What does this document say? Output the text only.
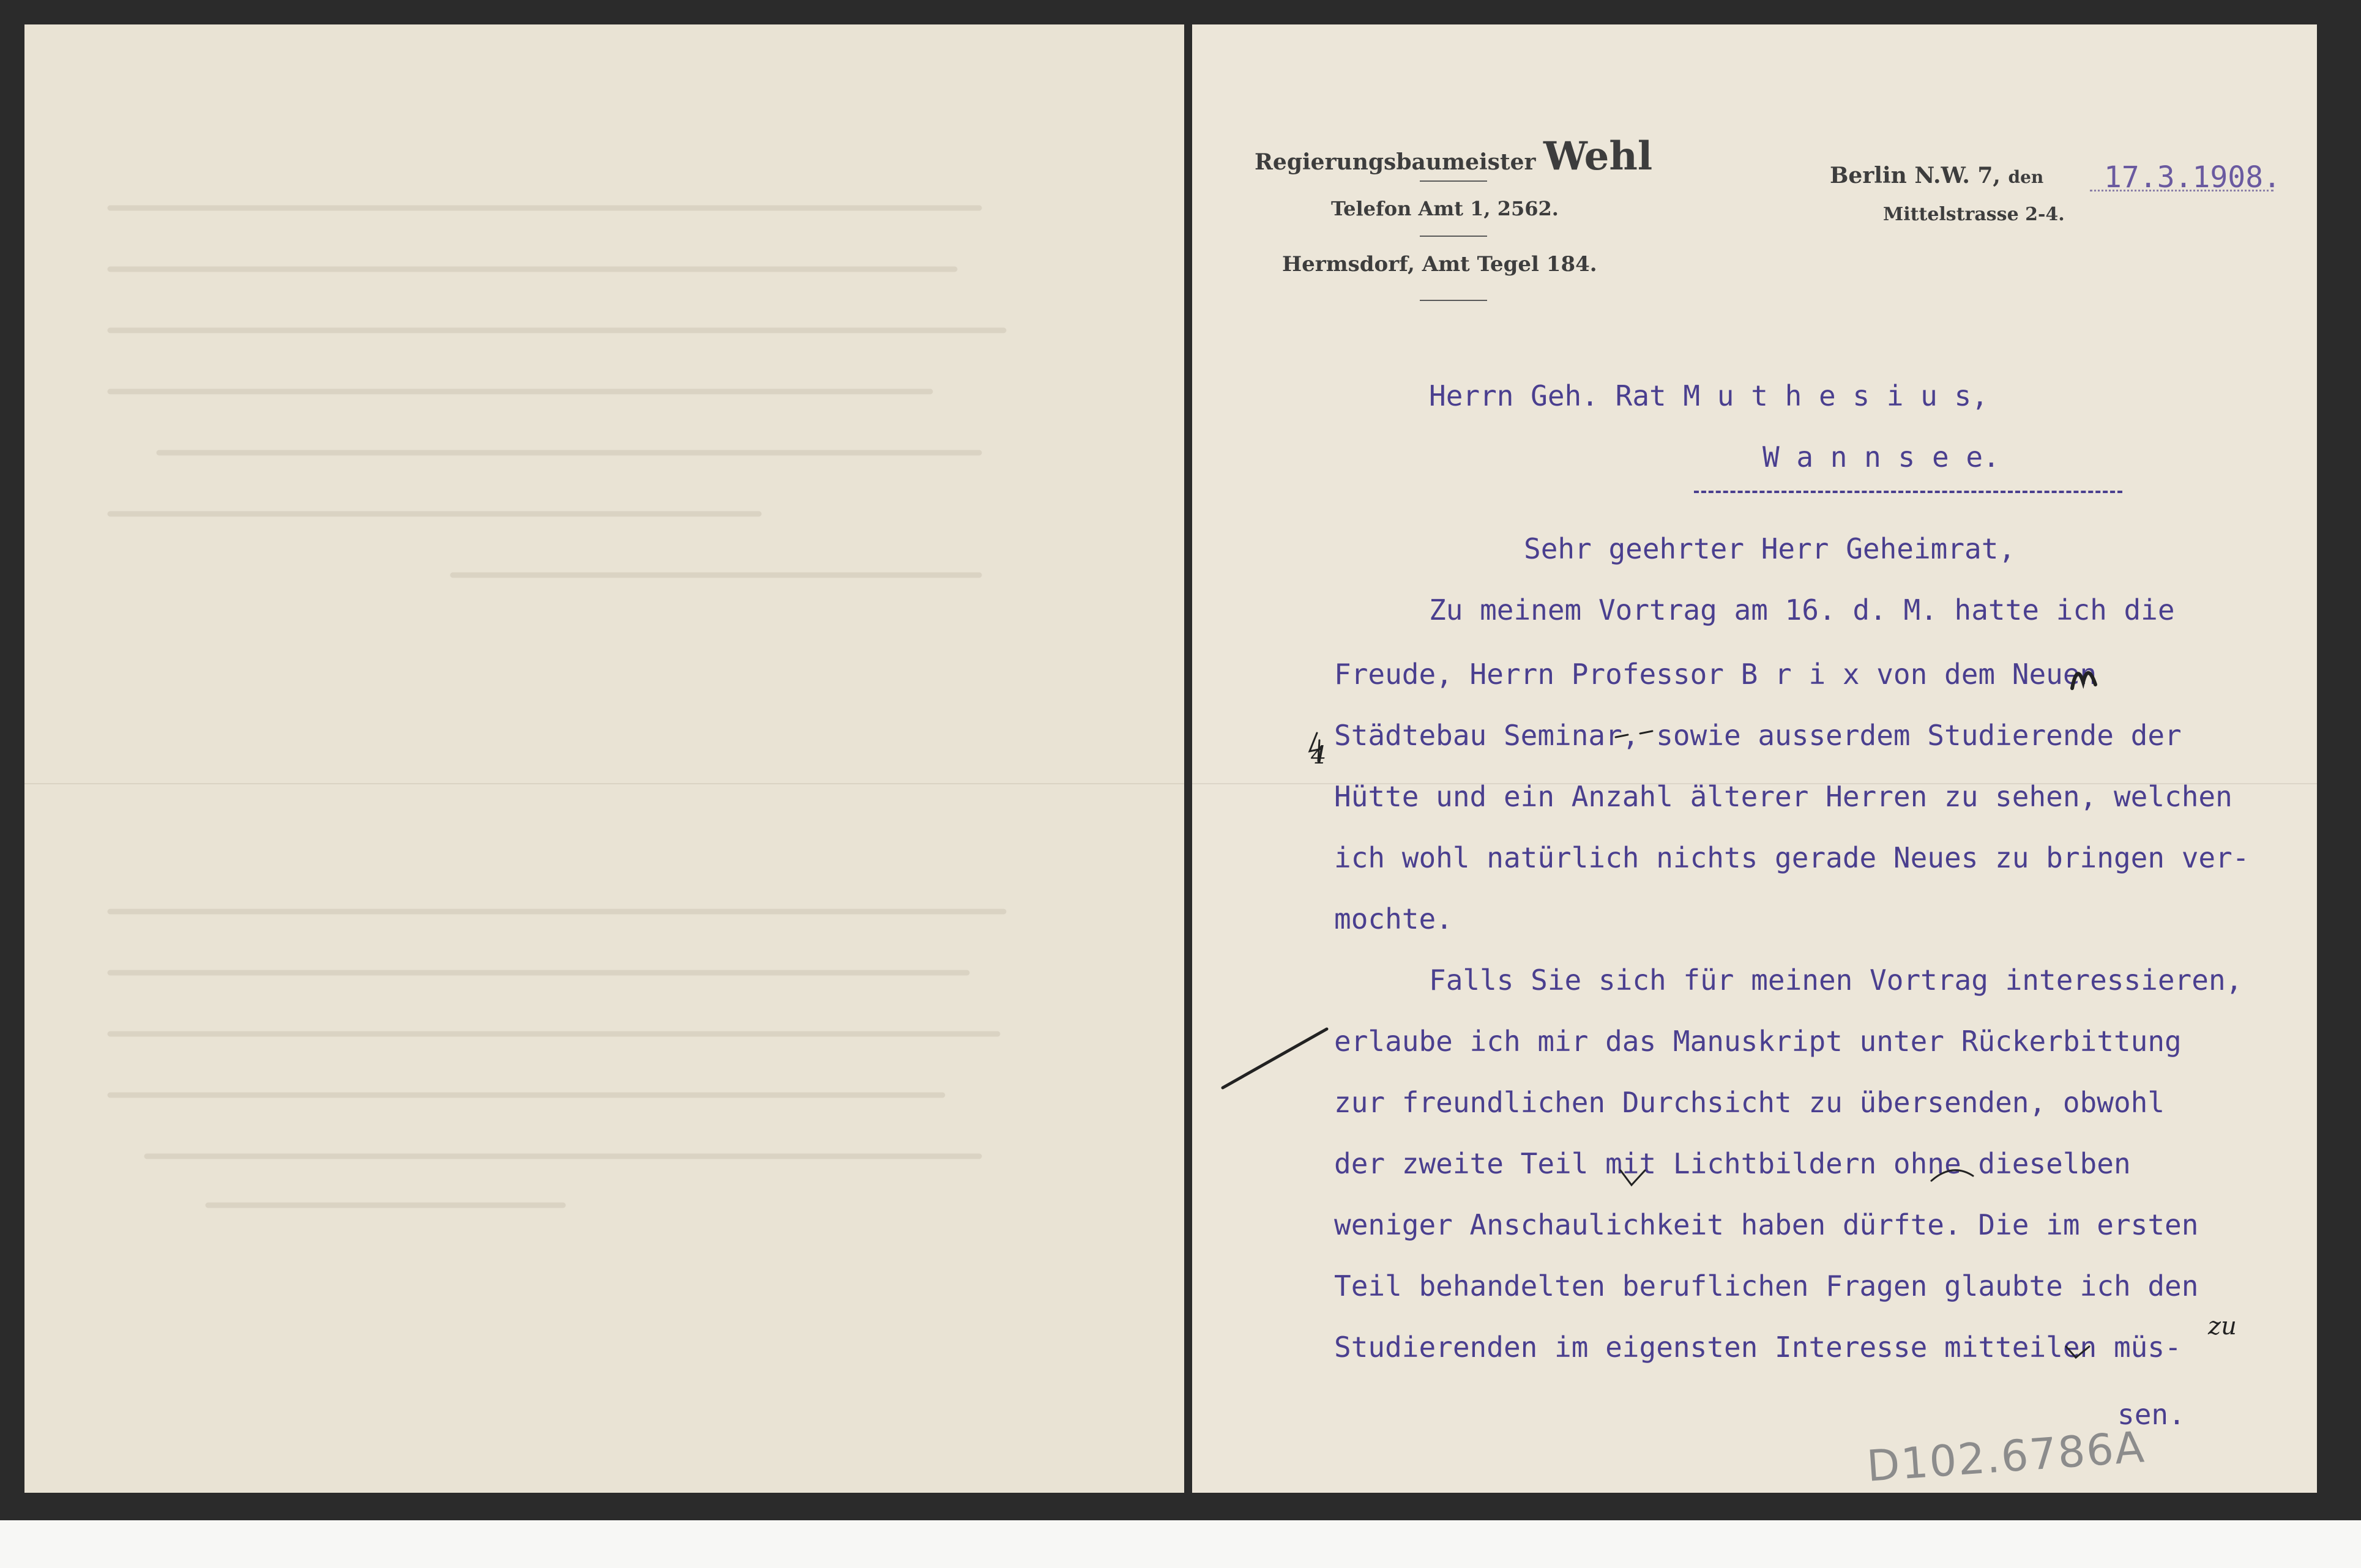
Regierungsbaumeister Wehl
Telefon Amt 1, 2562.
Hermsdorf, Amt Tegel 184.
Berlin N.W. 7, den 17.3.1908.
Mittelstrasse 2-4.
Herrn Geh. Rat M u t h e s i u s,
W a n n s e e.
Sehr geehrter Herr Geheimrat,
Zu meinem Vortrag am 16. d. M. hatte ich die
Freude, Herrn Professor B r i x von dem Neuen
Städtebau Seminar, sowie ausserdem Studierende der
Hütte und ein Anzahl älterer Herren zu sehen, welchen
ich wohl natürlich nichts gerade Neues zu bringen ver-
mochte.
Falls Sie sich für meinen Vortrag interessieren,
erlaube ich mir das Manuskript unter Rückerbittung
zur freundlichen Durchsicht zu übersenden, obwohl
der zweite Teil mit Lichtbildern ohne dieselben
weniger Anschaulichkeit haben dürfte. Die im ersten
Teil behandelten beruflichen Fragen glaubte ich den
Studierenden im eigensten Interesse mitteilen müs-
sen.
zu
4
D102.6786A
